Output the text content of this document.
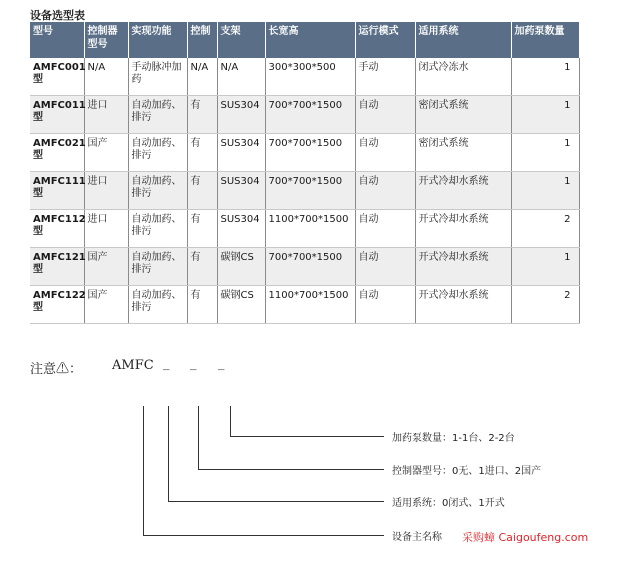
设备选型表
型号	控制器型号	实现功能	控制	支架	长宽高	运行模式	适用系统	加药泵数量
AMFC001型	N/A	手动脉冲加药	N/A	N/A	300*300*500	手动	闭式冷冻水	1
AMFC011型	进口	自动加药、排污	有	SUS304	700*700*1500	自动	密闭式系统	1
AMFC021型	国产	自动加药、排污	有	SUS304	700*700*1500	自动	密闭式系统	1
AMFC111型	进口	自动加药、排污	有	SUS304	700*700*1500	自动	开式冷却水系统	1
AMFC112型	进口	自动加药、排污	有	SUS304	1100*700*1500	自动	开式冷却水系统	2
AMFC121型	国产	自动加药、排污	有	碳钢CS	700*700*1500	自动	开式冷却水系统	1
AMFC122型	国产	自动加药、排污	有	碳钢CS	1100*700*1500	自动	开式冷却水系统	2
注意⚠： AMFC _ _ _
加药泵数量：1-1台、2-2台
控制器型号：0无、1进口、2国产
适用系统：0闭式、1开式
设备主名称 采购蟑 Caigoufeng.com
